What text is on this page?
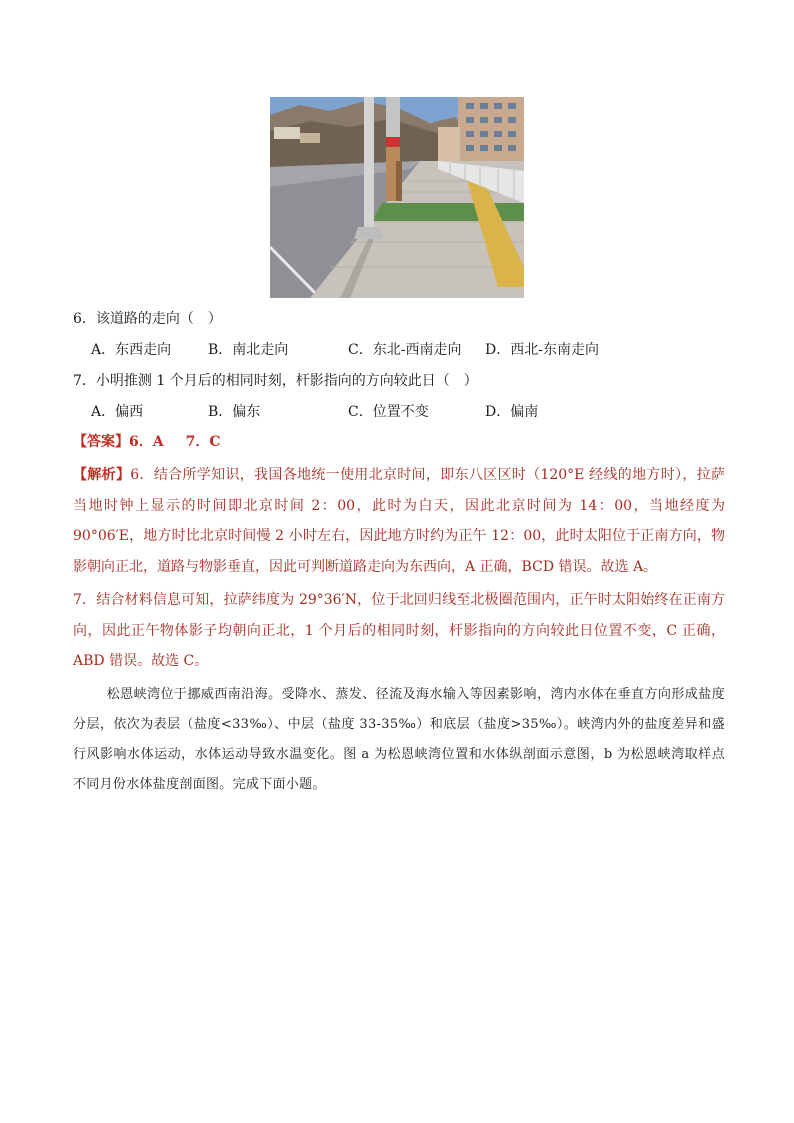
6．该道路的走向（　）
A．东西走向	B．南北走向	C．东北-西南走向 D．西北-东南走向
7．小明推测 1 个月后的相同时刻，杆影指向的方向较此日（　）
A．偏西	B．偏东	C．位置不变	D．偏南
【答案】6．A 7．C

【解析】6．结合所学知识，我国各地统一使用北京时间，即东八区区时（120°E 经线的地方时），拉萨当地时钟上显示的时间即北京时间 2：00，此时为白天，因此北京时间为 14：00，当地经度为 90°06′E，地方时比北京时间慢 2 小时左右，因此地方时约为正午 12：00，此时太阳位于正南方向，物影朝向正北，道路与物影垂直，因此可判断道路走向为东西向，A 正确，BCD 错误。故选 A。

7．结合材料信息可知，拉萨纬度为 29°36′N，位于北回归线至北极圈范围内，正午时太阳始终在正南方向，因此正午物体影子均朝向正北，1 个月后的相同时刻，杆影指向的方向较此日位置不变，C 正确，ABD 错误。故选 C。

松恩峡湾位于挪威西南沿海。受降水、蒸发、径流及海水输入等因素影响，湾内水体在垂直方向形成盐度分层，依次为表层（盐度<33‰）、中层（盐度 33-35‰）和底层（盐度>35‰）。峡湾内外的盐度差异和盛行风影响水体运动，水体运动导致水温变化。图 a 为松恩峡湾位置和水体纵剖面示意图，b 为松恩峡湾取样点不同月份水体盐度剖面图。完成下面小题。
